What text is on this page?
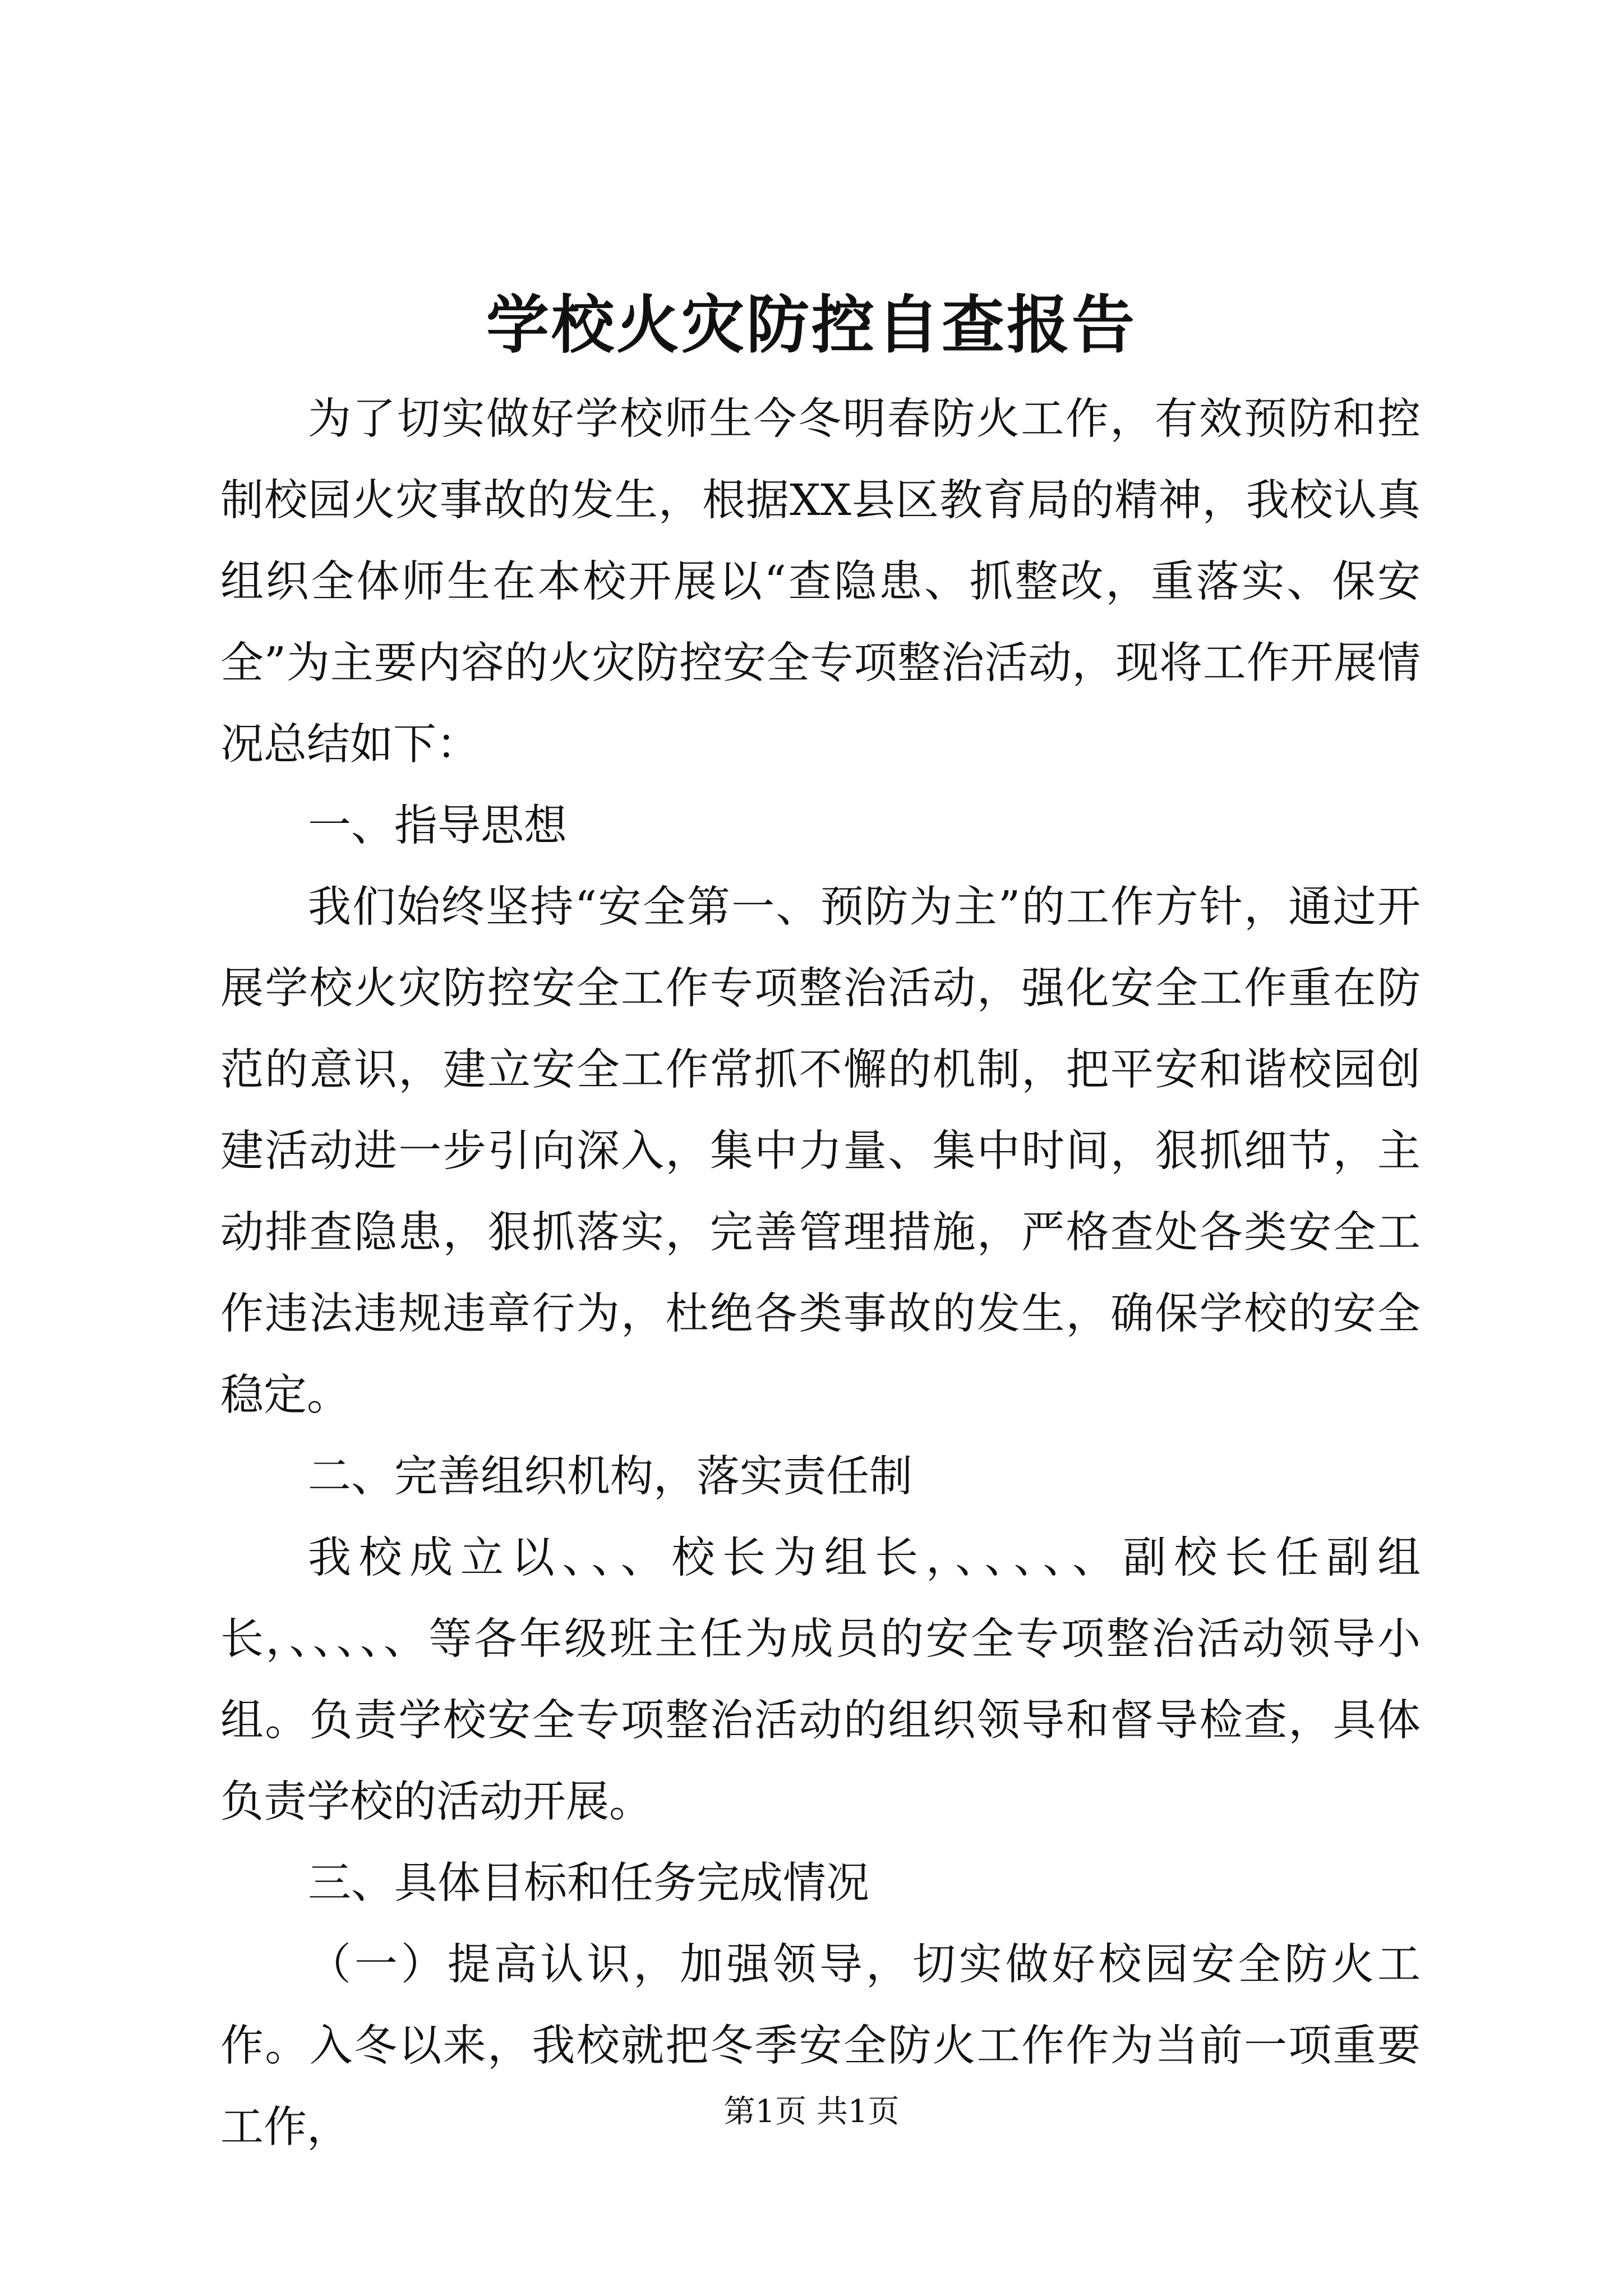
学校火灾防控自查报告

为了切实做好学校师生今冬明春防火工作，有效预防和控制校园火灾事故的发生，根据XX县区教育局的精神，我校认真组织全体师生在本校开展以“查隐患、抓整改，重落实、保安全”为主要内容的火灾防控安全专项整治活动，现将工作开展情况总结如下：

一、指导思想

我们始终坚持“安全第一、预防为主”的工作方针，通过开展学校火灾防控安全工作专项整治活动，强化安全工作重在防范的意识，建立安全工作常抓不懈的机制，把平安和谐校园创建活动进一步引向深入，集中力量、集中时间，狠抓细节，主动排查隐患，狠抓落实，完善管理措施，严格查处各类安全工作违法违规违章行为，杜绝各类事故的发生，确保学校的安全稳定。

二、完善组织机构，落实责任制

我校成立以、、、校长为组长，、、、、、副校长任副组长，、、、、、等各年级班主任为成员的安全专项整治活动领导小组。负责学校安全专项整治活动的组织领导和督导检查，具体负责学校的活动开展。

三、具体目标和任务完成情况

（一）提高认识，加强领导，切实做好校园安全防火工作。入冬以来，我校就把冬季安全防火工作作为当前一项重要工作，	第1页 共1页
